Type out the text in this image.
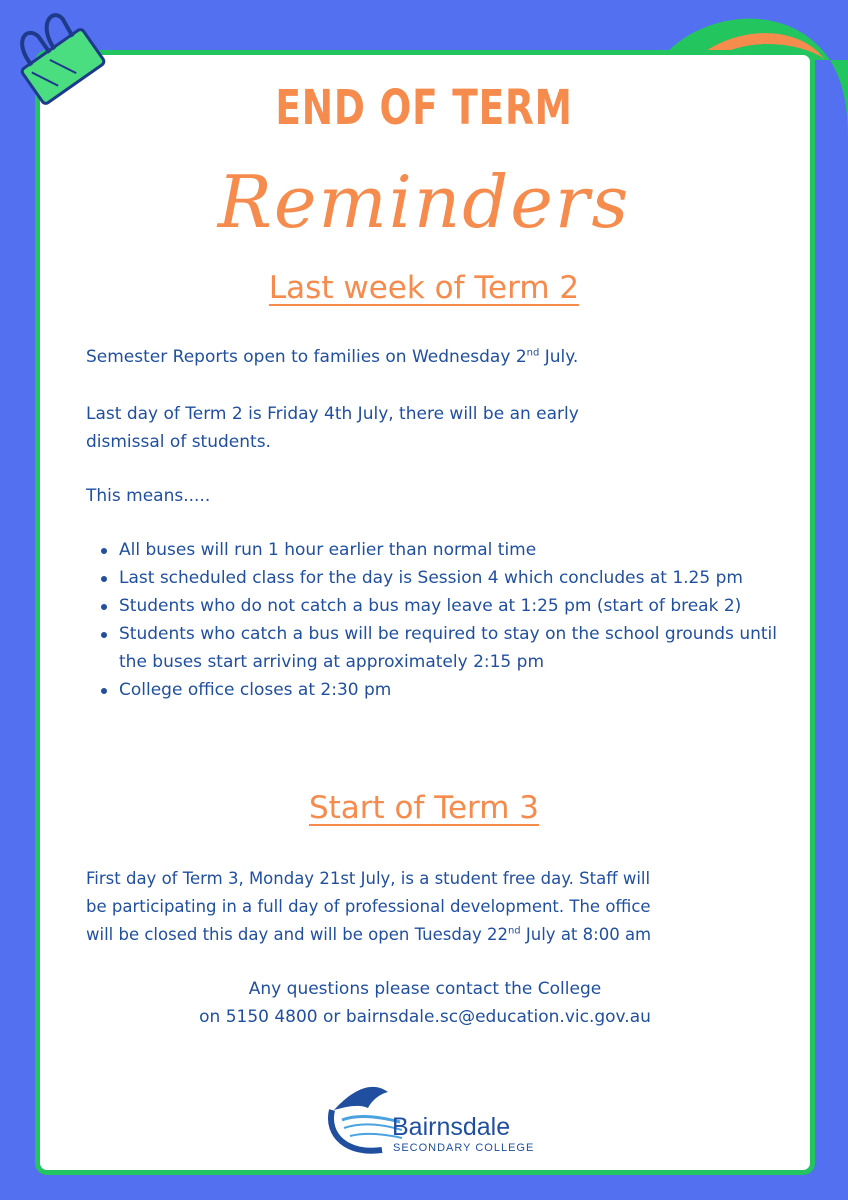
END OF TERM
Reminders
Last week of Term 2

Semester Reports open to families on Wednesday 2nd July.

Last day of Term 2 is Friday 4th July, there will be an early
dismissal of students.

This means.....

All buses will run 1 hour earlier than normal time
Last scheduled class for the day is Session 4 which concludes at 1.25 pm
Students who do not catch a bus may leave at 1:25 pm (start of break 2)
Students who catch a bus will be required to stay on the school grounds until the buses start arriving at approximately 2:15 pm
College office closes at 2:30 pm
Start of Term 3

First day of Term 3, Monday 21st July, is a student free day. Staff will
be participating in a full day of professional development. The office
will be closed this day and will be open Tuesday 22nd July at 8:00 am

Any questions please contact the College
on 5150 4800 or bairnsdale.sc@education.vic.gov.au

Bairnsdale
SECONDARY COLLEGE
